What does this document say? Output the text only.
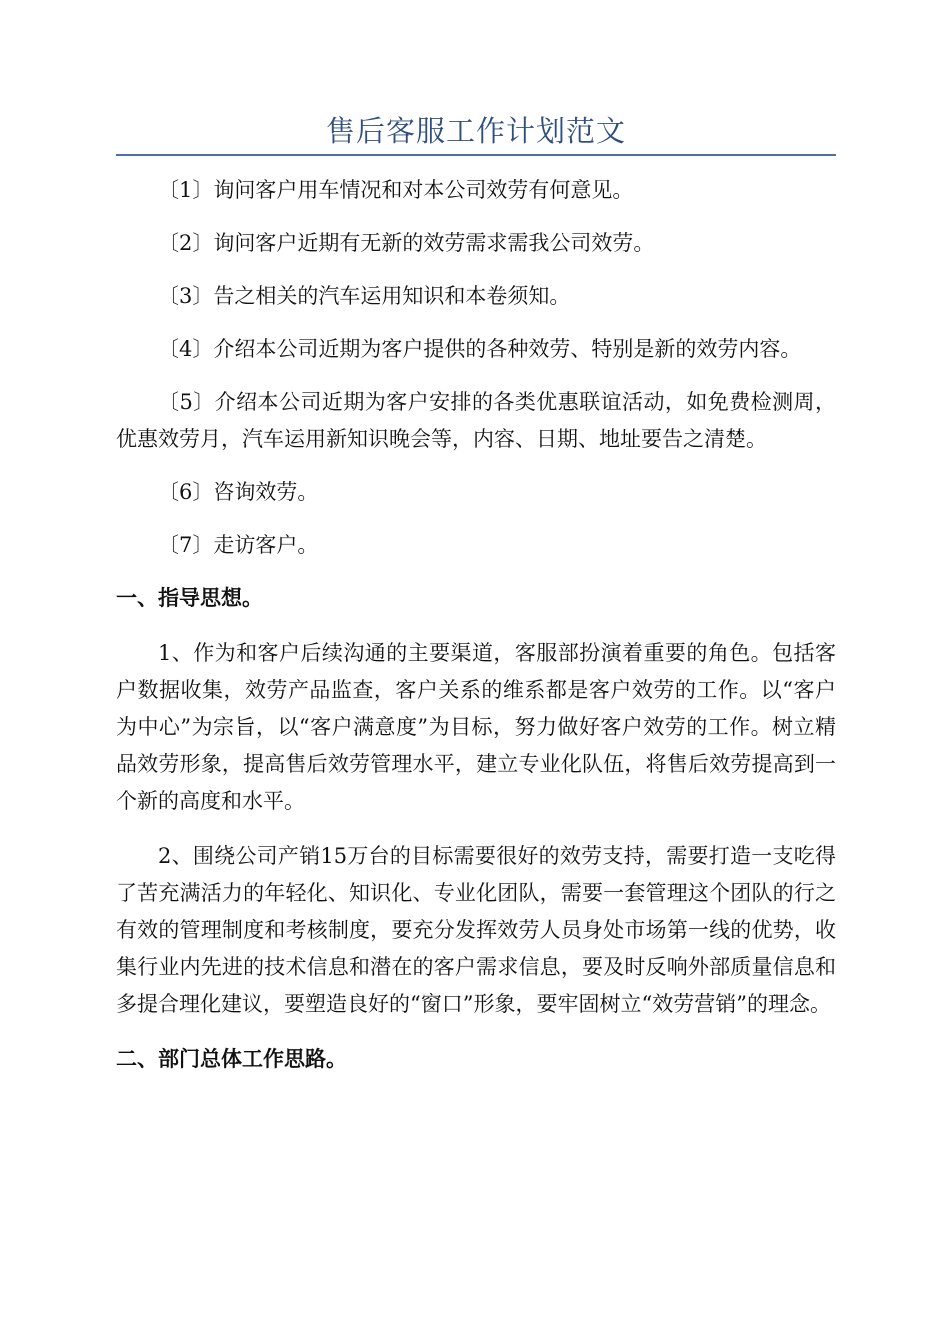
售后客服工作计划范文

〔1〕询问客户用车情况和对本公司效劳有何意见。

〔2〕询问客户近期有无新的效劳需求需我公司效劳。

〔3〕告之相关的汽车运用知识和本卷须知。

〔4〕介绍本公司近期为客户提供的各种效劳、特别是新的效劳内容。

〔5〕介绍本公司近期为客户安排的各类优惠联谊活动，如免费检测周，优惠效劳月，汽车运用新知识晚会等，内容、日期、地址要告之清楚。

〔6〕咨询效劳。

〔7〕走访客户。

一、指导思想。

1、作为和客户后续沟通的主要渠道，客服部扮演着重要的角色。包括客户数据收集，效劳产品监查，客户关系的维系都是客户效劳的工作。以“客户为中心”为宗旨，以“客户满意度”为目标，努力做好客户效劳的工作。树立精品效劳形象，提高售后效劳管理水平，建立专业化队伍，将售后效劳提高到一个新的高度和水平。

2、围绕公司产销15万台的目标需要很好的效劳支持，需要打造一支吃得了苦充满活力的年轻化、知识化、专业化团队，需要一套管理这个团队的行之有效的管理制度和考核制度，要充分发挥效劳人员身处市场第一线的优势，收集行业内先进的技术信息和潜在的客户需求信息，要及时反响外部质量信息和多提合理化建议，要塑造良好的“窗口”形象，要牢固树立“效劳营销”的理念。

二、部门总体工作思路。
